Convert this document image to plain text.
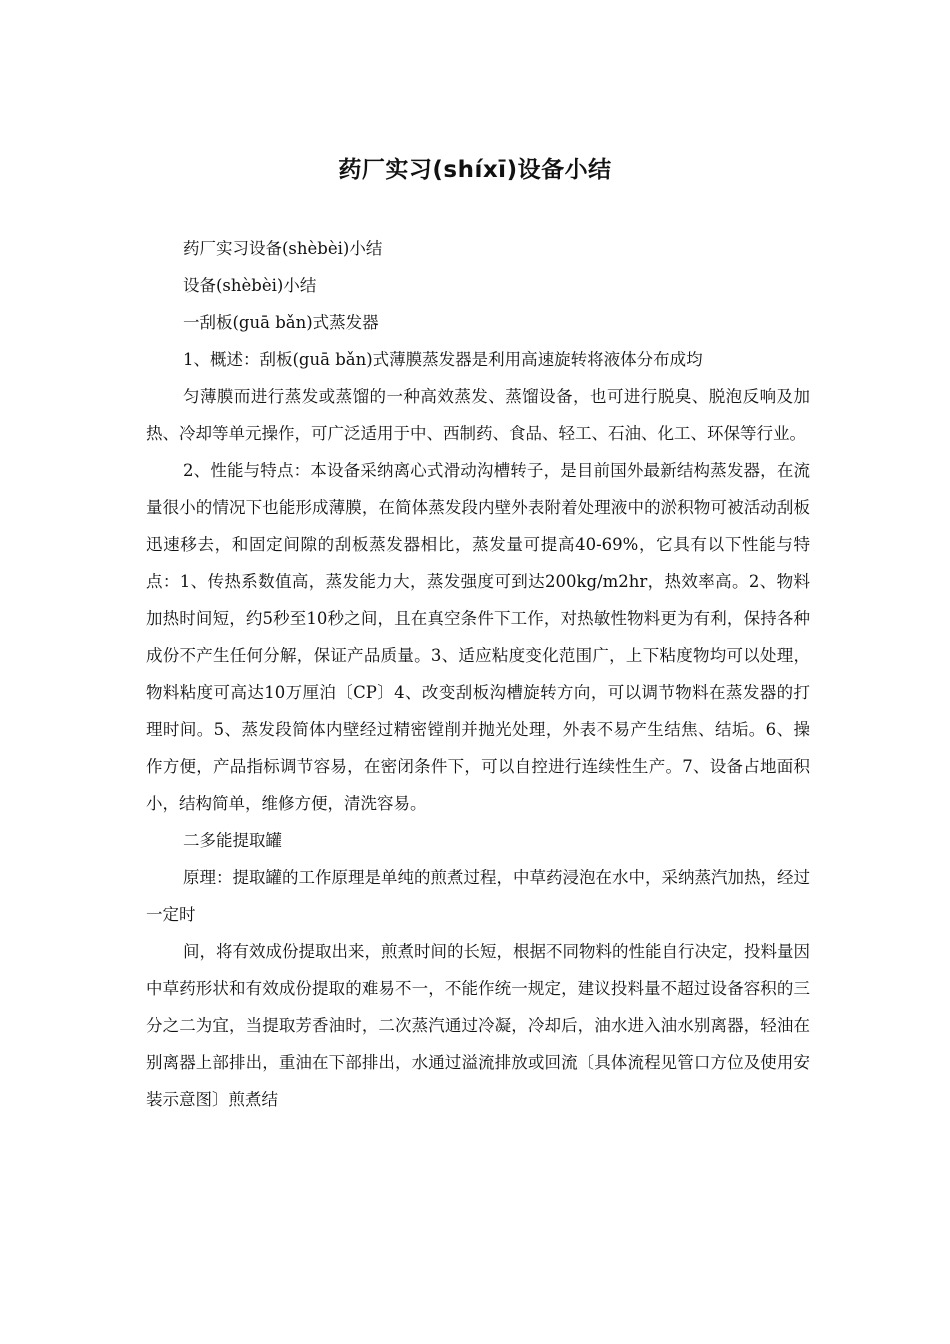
药厂实习(shíxī)设备小结

药厂实习设备(shèbèi)小结

设备(shèbèi)小结

一刮板(guā bǎn)式蒸发器

1、概述：刮板(guā bǎn)式薄膜蒸发器是利用高速旋转将液体分布成均

匀薄膜而进行蒸发或蒸馏的一种高效蒸发、蒸馏设备，也可进行脱臭、脱泡反响及加热、冷却等单元操作，可广泛适用于中、西制药、食品、轻工、石油、化工、环保等行业。

2、性能与特点：本设备采纳离心式滑动沟槽转子，是目前国外最新结构蒸发器，在流量很小的情况下也能形成薄膜，在简体蒸发段内壁外表附着处理液中的淤积物可被活动刮板迅速移去，和固定间隙的刮板蒸发器相比，蒸发量可提高40-69%，它具有以下性能与特点：1、传热系数值高，蒸发能力大，蒸发强度可到达200kg/m2hr，热效率高。2、物料加热时间短，约5秒至10秒之间，且在真空条件下工作，对热敏性物料更为有利，保持各种成份不产生任何分解，保证产品质量。3、适应粘度变化范围广，上下粘度物均可以处理，物料粘度可高达10万厘泊〔CP〕4、改变刮板沟槽旋转方向，可以调节物料在蒸发器的打理时间。5、蒸发段简体内壁经过精密镗削并抛光处理，外表不易产生结焦、结垢。6、操作方便，产品指标调节容易，在密闭条件下，可以自控进行连续性生产。7、设备占地面积小，结构简单，维修方便，清洗容易。

二多能提取罐

原理：提取罐的工作原理是单纯的煎煮过程，中草药浸泡在水中，采纳蒸汽加热，经过一定时

间，将有效成份提取出来，煎煮时间的长短，根据不同物料的性能自行决定，投料量因中草药形状和有效成份提取的难易不一，不能作统一规定，建议投料量不超过设备容积的三分之二为宜，当提取芳香油时，二次蒸汽通过冷凝，冷却后，油水进入油水别离器，轻油在别离器上部排出，重油在下部排出，水通过溢流排放或回流〔具体流程见管口方位及使用安装示意图〕煎煮结
